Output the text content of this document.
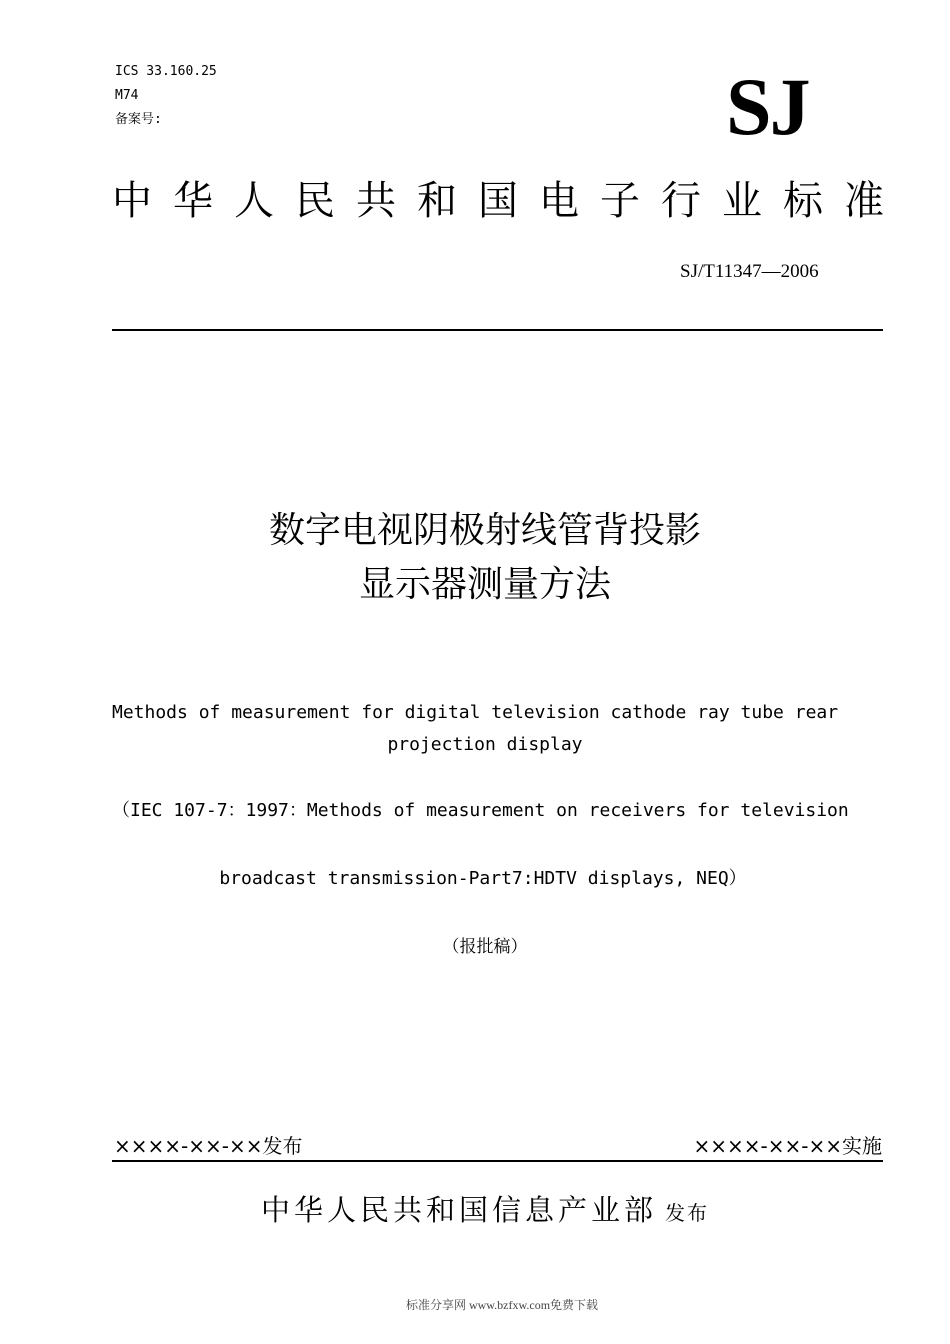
ICS 33.160.25
M74
备案号:	SJ
中 华 人 民 共 和 国 电 子 行 业 标 准
SJ/T11347—2006
数字电视阴极射线管背投影
显示器测量方法
Methods of measurement for digital television cathode ray tube rear
projection display
（IEC 107-7：1997：Methods of measurement on receivers for television
broadcast transmission-Part7:HDTV displays, NEQ）
（报批稿）
××××-××-××发布	××××-××-××实施
中华人民共和国信息产业部 发布
标准分享网 www.bzfxw.com免费下载
